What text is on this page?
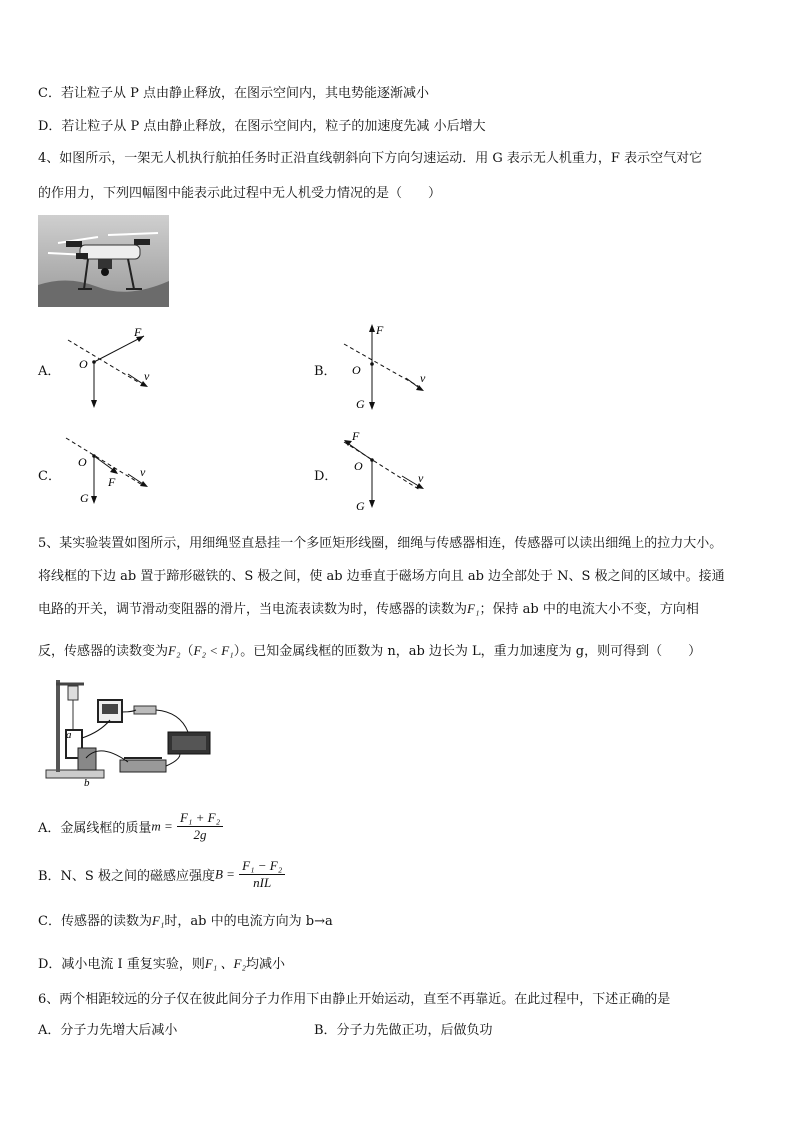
C．若让粒子从 P 点由静止释放，在图示空间内，其电势能逐渐减小
D．若让粒子从 P 点由静止释放，在图示空间内，粒子的加速度先减 小后增大
4、如图所示，一架无人机执行航拍任务时正沿直线朝斜向下方向匀速运动．用 G 表示无人机重力，F 表示空气对它
的作用力，下列四幅图中能表示此过程中无人机受力情况的是（　　）
A．
F
O
v	B．
F
O
v
G
C．
O
v
F
G
D．
F
O
v
G
5、某实验装置如图所示，用细绳竖直悬挂一个多匝矩形线圈，细绳与传感器相连，传感器可以读出细绳上的拉力大小。
将线框的下边 ab 置于蹄形磁铁的、S 极之间，使 ab 边垂直于磁场方向且 ab 边全部处于 N、S 极之间的区域中。接通
电路的开关，调节滑动变阻器的滑片，当电流表读数为时，传感器的读数为F₁；保持 ab 中的电流大小不变，方向相
反，传感器的读数变为F₂（F₂ < F₁）。已知金属线框的匝数为 n，ab 边长为 L，重力加速度为 g，则可得到（　　）
a
b
A．金属线框的质量$m = \frac{\text{F₁ + F₂}}{2g}$
B．N、S 极之间的磁感应强度$B = \frac{\text{F₁ − F₂}}{\text{nIL}}$
C．传感器的读数为F₁时，ab 中的电流方向为 b→a
D．减小电流 I 重复实验，则F₁ 、F₂均减小
6、两个相距较远的分子仅在彼此间分子力作用下由静止开始运动，直至不再靠近。在此过程中，下述正确的是
A．分子力先增大后减小	B．分子力先做正功，后做负功
